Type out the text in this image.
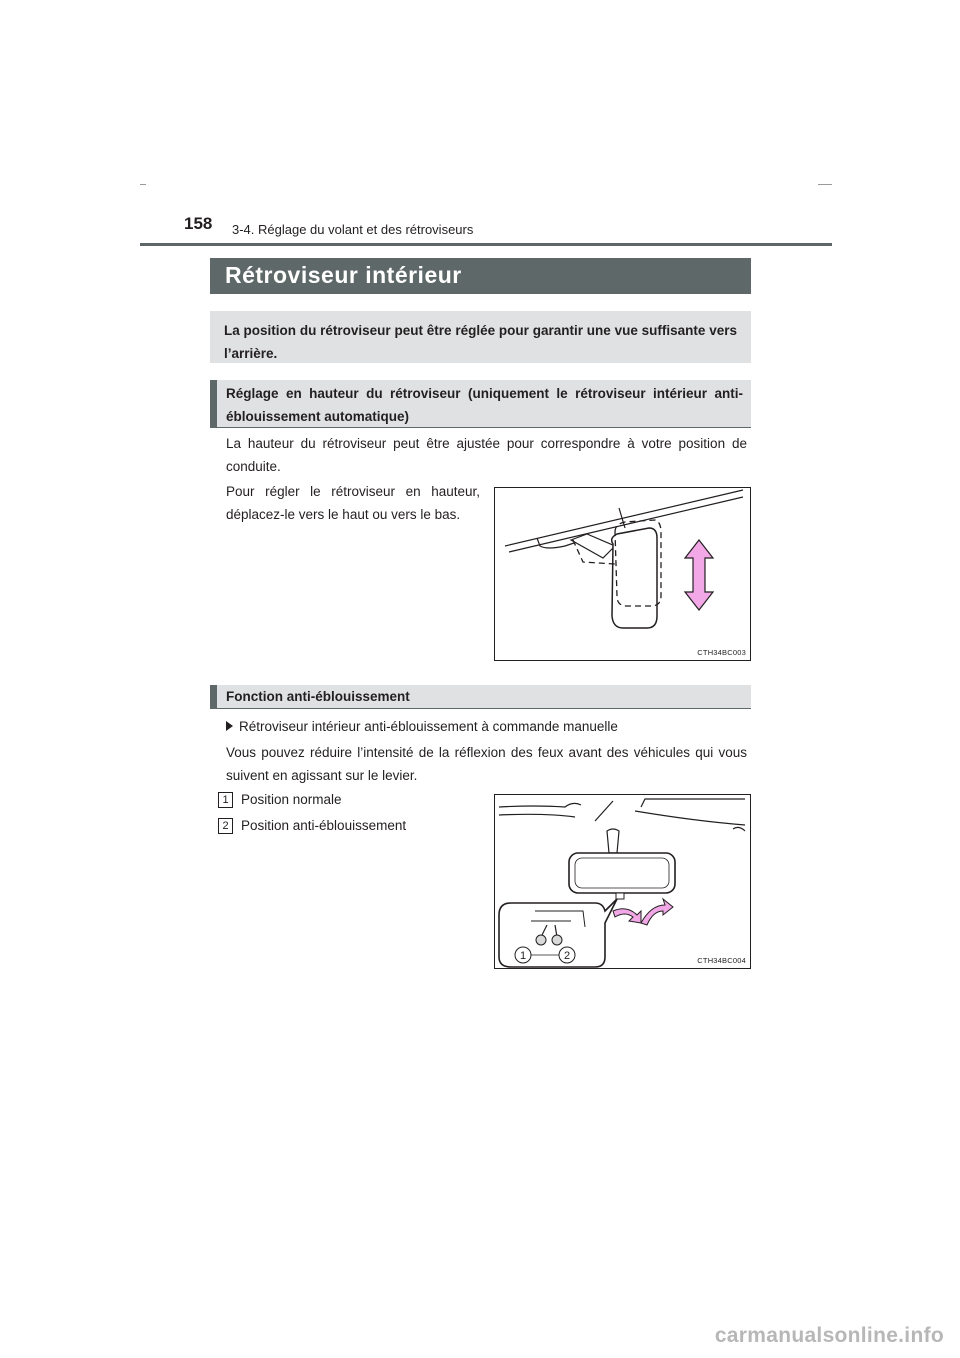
158 3-4. Réglage du volant et des rétroviseurs
Rétroviseur intérieur
La position du rétroviseur peut être réglée pour garantir une vue suffisante vers l’arrière.
Réglage en hauteur du rétroviseur (uniquement le rétroviseur intérieur anti-éblouissement automatique)
La hauteur du rétroviseur peut être ajustée pour correspondre à votre position de conduite.
Pour régler le rétroviseur en hauteur, déplacez-le vers le haut ou vers le bas.
CTH34BC003
Fonction anti-éblouissement
Rétroviseur intérieur anti-éblouissement à commande manuelle
Vous pouvez réduire l’intensité de la réflexion des feux avant des véhicules qui vous suivent en agissant sur le levier.
1 Position normale
2 Position anti-éblouissement
1	2	CTH34BC004
carmanualsonline.info
